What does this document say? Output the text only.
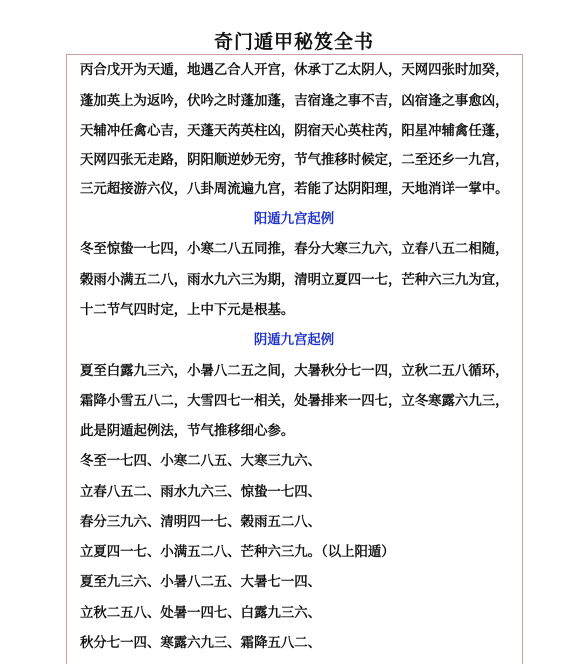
奇门遁甲秘笈全书
丙合戊开为天遁，地遇乙合人开宫，休承丁乙太阴人，天网四张时加癸，
蓬加英上为返吟，伏吟之时蓬加蓬，吉宿逢之事不吉，凶宿逢之事愈凶，
天辅冲任禽心吉，天蓬天芮英柱凶，阴宿天心英柱芮，阳星冲辅禽任蓬，
天网四张无走路，阴阳顺逆妙无穷，节气推移时候定，二至还乡一九宫，
三元超接游六仪，八卦周流遍九宫，若能了达阴阳理，天地消详一掌中。
阳遁九宫起例
冬至惊蛰一七四，小寒二八五同推，春分大寒三九六，立春八五二相随，
榖雨小满五二八，雨水九六三为期，清明立夏四一七，芒种六三九为宜，
十二节气四时定，上中下元是根基。
阴遁九宫起例
夏至白露九三六，小暑八二五之间，大暑秋分七一四，立秋二五八循环，
霜降小雪五八二，大雪四七一相关，处暑排来一四七，立冬寒露六九三，
此是阴遁起例法，节气推移细心参。
冬至一七四、小寒二八五、大寒三九六、
立春八五二、雨水九六三、惊蛰一七四、
春分三九六、清明四一七、榖雨五二八、
立夏四一七、小满五二八、芒种六三九。（以上阳遁）
夏至九三六、小暑八二五、大暑七一四、
立秋二五八、处暑一四七、白露九三六、
秋分七一四、寒露六九三、霜降五八二、
